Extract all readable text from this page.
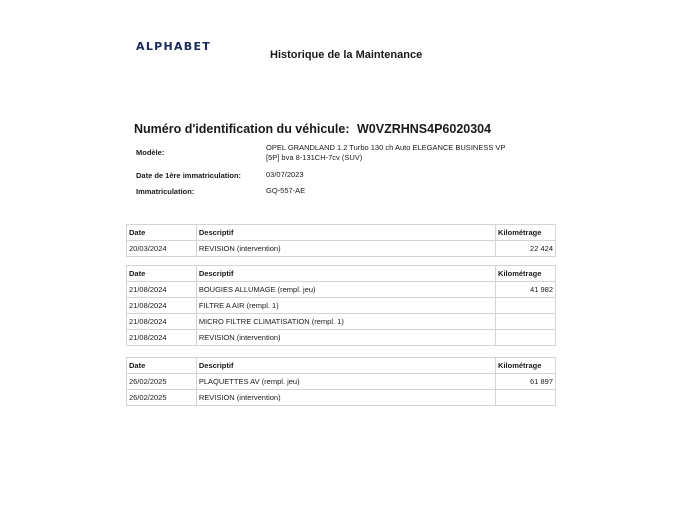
ALPHABET
Historique de la Maintenance
Numéro d'identification du véhicule: W0VZRHNS4P6020304
Modèle:
OPEL GRANDLAND 1.2 Turbo 130 ch Auto ELEGANCE BUSINESS VP
[5P] bva 8-131CH-7cv (SUV)
Date de 1ère immatriculation:	03/07/2023
Immatriculation:	GQ-557-AE
Date	Descriptif	Kilométrage
20/03/2024	REVISION (intervention)	22 424
Date	Descriptif	Kilométrage
21/08/2024	BOUGIES ALLUMAGE (rempl. jeu)	41 982
21/08/2024	FILTRE A AIR (rempl. 1)	
21/08/2024	MICRO FILTRE CLIMATISATION (rempl. 1)	
21/08/2024	REVISION (intervention)	
Date	Descriptif	Kilométrage
26/02/2025	PLAQUETTES AV (rempl. jeu)	61 897
26/02/2025	REVISION (intervention)	
